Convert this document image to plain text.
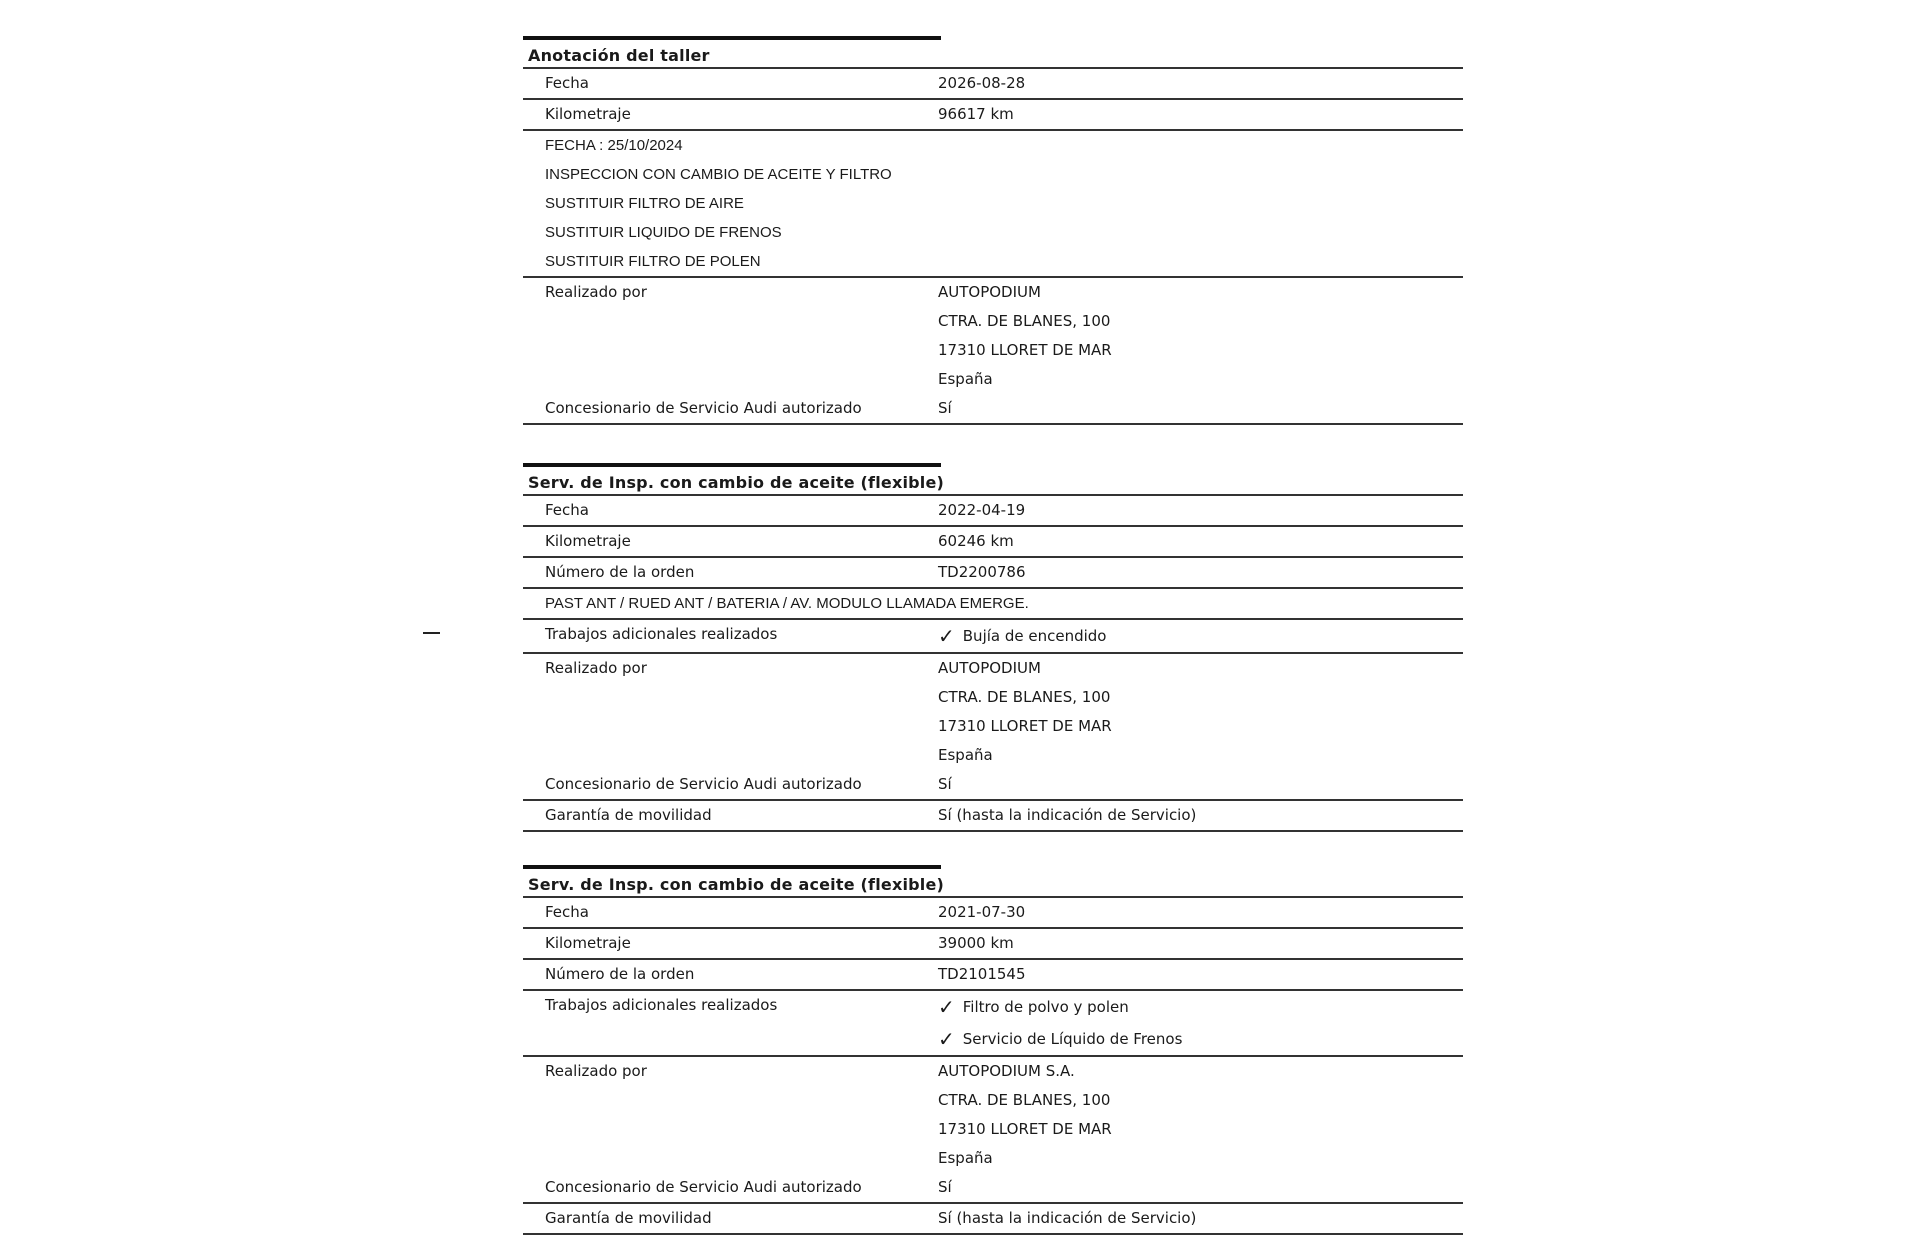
Anotación del taller
Fecha	2026-08-28
Kilometraje	96617 km
FECHA : 25/10/2024
INSPECCION CON CAMBIO DE ACEITE Y FILTRO
SUSTITUIR FILTRO DE AIRE
SUSTITUIR LIQUIDO DE FRENOS
SUSTITUIR FILTRO DE POLEN
Realizado por	AUTOPODIUM
CTRA. DE BLANES, 100
17310 LLORET DE MAR
España
Concesionario de Servicio Audi autorizado	Sí
Serv. de Insp. con cambio de aceite (flexible)
Fecha	2022-04-19
Kilometraje	60246 km
Número de la orden	TD2200786
PAST ANT / RUED ANT / BATERIA / AV. MODULO LLAMADA EMERGE.
Trabajos adicionales realizados	✓ Bujía de encendido
Realizado por	AUTOPODIUM
CTRA. DE BLANES, 100
17310 LLORET DE MAR
España
Concesionario de Servicio Audi autorizado	Sí
Garantía de movilidad	Sí (hasta la indicación de Servicio)
Serv. de Insp. con cambio de aceite (flexible)
Fecha	2021-07-30
Kilometraje	39000 km
Número de la orden	TD2101545
Trabajos adicionales realizados	✓ Filtro de polvo y polen
✓ Servicio de Líquido de Frenos
Realizado por	AUTOPODIUM S.A.
CTRA. DE BLANES, 100
17310 LLORET DE MAR
España
Concesionario de Servicio Audi autorizado	Sí
Garantía de movilidad	Sí (hasta la indicación de Servicio)
